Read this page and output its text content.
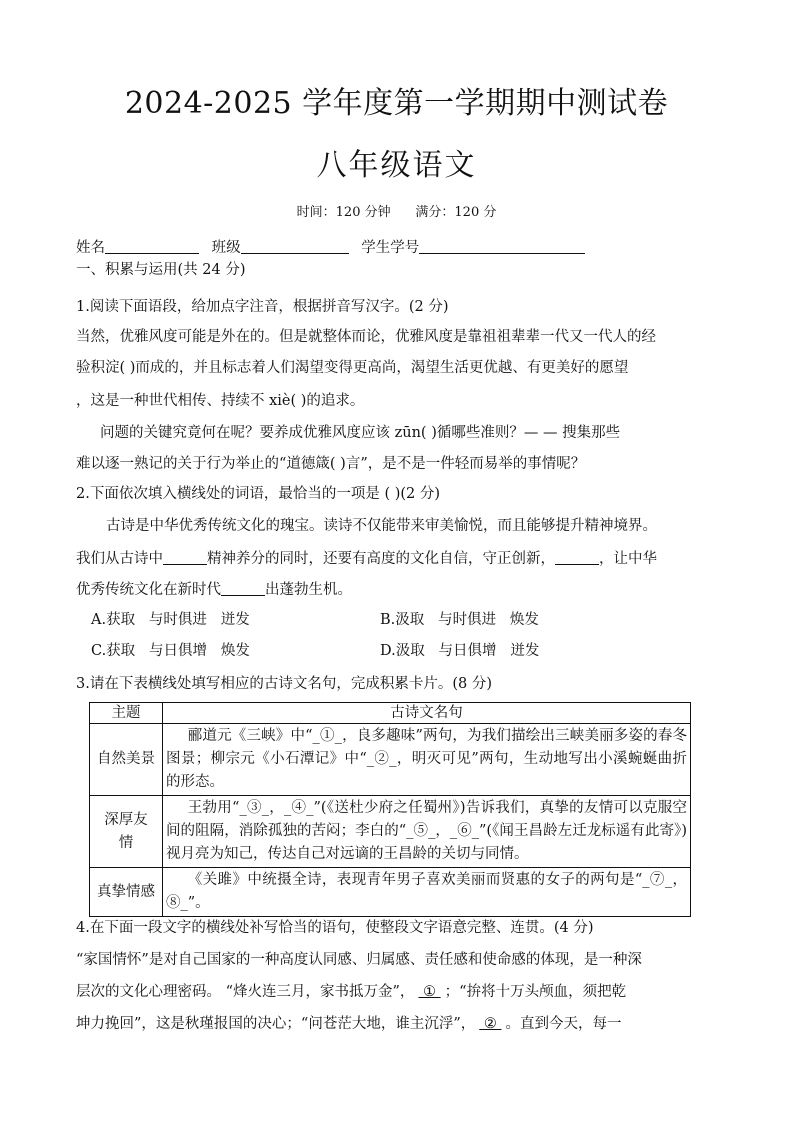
2024-2025 学年度第一学期期中测试卷
八年级语文
时间：120 分钟      满分：120 分
姓名	班级	学生学号
一、积累与运用(共 24 分)
1.阅读下面语段，给加点字注音，根据拼音写汉字。(2 分)
当然，优雅风度可能是外在的。但是就整体而论，优雅风度是靠祖祖辈辈一代又一代人的经
验积淀( )而成的，并且标志着人们渴望变得更高尚，渴望生活更优越、有更美好的愿望
，这是一种世代相传、持续不 xiè( )的追求。
问题的关键究竟何在呢？要养成优雅风度应该 zūn( )循哪些准则？— — 搜集那些
难以逐一熟记的关于行为举止的“道德箴( )言”，是不是一件轻而易举的事情呢？
2.下面依次填入横线处的词语，最恰当的一项是 ( )(2 分)
古诗是中华优秀传统文化的瑰宝。读诗不仅能带来审美愉悦，而且能够提升精神境界。
我们从古诗中	精神养分的同时，还要有高度的文化自信，守正创新，	，让中华
优秀传统文化在新时代	出蓬勃生机。
A.获取   与时俱进   迸发	B.汲取   与时俱进   焕发
C.获取   与日俱增   焕发	D.汲取   与日俱增   迸发
3.请在下表横线处填写相应的古诗文名句，完成积累卡片。(8 分)
主题	古诗文名句
自然美景	郦道元《三峡》中“_①_，良多趣味”两句，为我们描绘出三峡美丽多姿的春冬图景；柳宗元《小石潭记》中“_②_，明灭可见”两句，生动地写出小溪蜿蜒曲折的形态。
深厚友情	王勃用“_③_，_④_”(《送杜少府之任蜀州》)告诉我们，真挚的友情可以克服空间的阻隔，消除孤独的苦闷；李白的“_⑤_，_⑥_”(《闻王昌龄左迁龙标遥有此寄》)视月亮为知己，传达自己对远谪的王昌龄的关切与同情。
真挚情感	《关雎》中统摄全诗，表现青年男子喜欢美丽而贤惠的女子的两句是“_⑦_，⑧_”。
4.在下面一段文字的横线处补写恰当的语句，使整段文字语意完整、连贯。(4 分)
“家国情怀”是对自己国家的一种高度认同感、归属感、责任感和使命感的体现，是一种深
层次的文化心理密码。 “烽火连三月，家书抵万金”， ① ；“拚将十万头颅血，须把乾
坤力挽回”，这是秋瑾报国的决心；“问苍茫大地，谁主沉浮”， ② 。直到今天，每一
